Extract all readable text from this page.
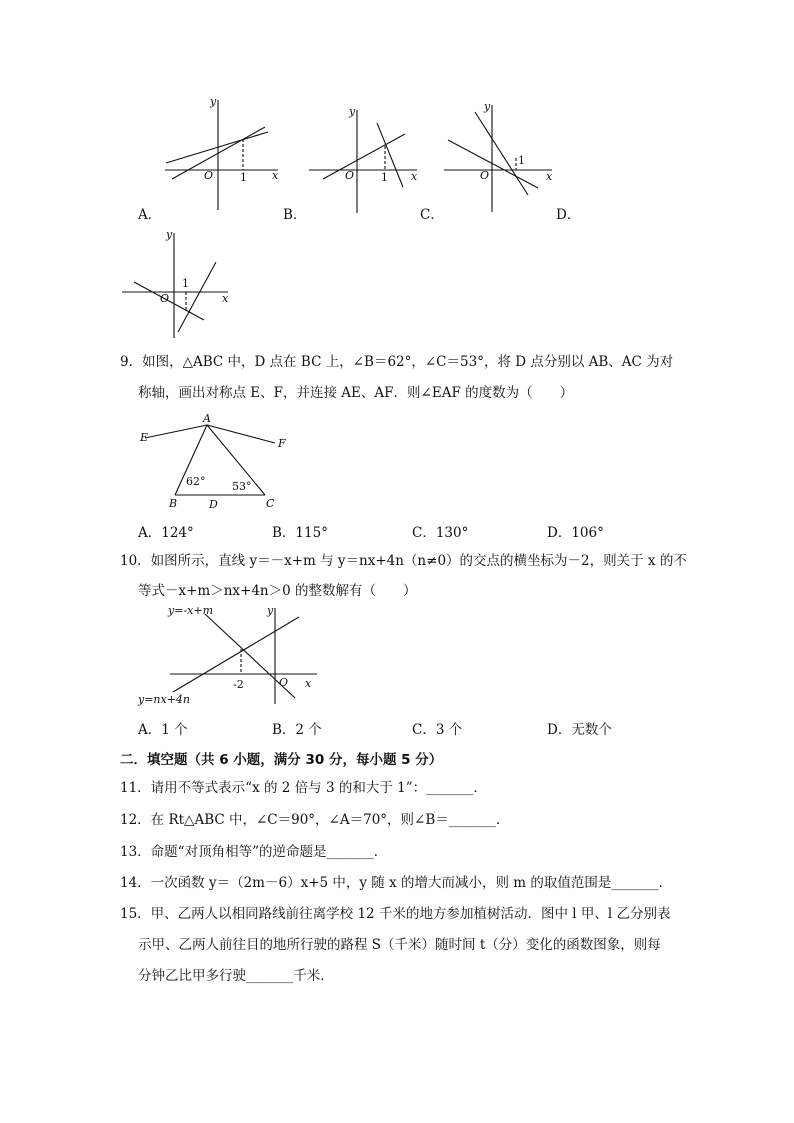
y
x
O 1
A．
y
x
O 1
B．
y
x
O
1
C．	D．
y
x
O
1
9．如图，△ABC 中，D 点在 BC 上，∠B＝62°，∠C＝53°，将 D 点分别以 AB、AC 为对
称轴，画出对称点 E、F，并连接 AE、AF．则∠EAF 的度数为（　　）
A
B	C
D
E	F
62° 53°
A．124°	B．115°	C．130°	D．106°
10．如图所示，直线 y＝－x+m 与 y＝nx+4n（n≠0）的交点的横坐标为－2，则关于 x 的不
等式－x+m＞nx+4n＞0 的整数解有（　　）
y
x
O
-2
y=-x+m
y=nx+4n
A．1 个	B．2 个	C．3 个	D．无数个
二．填空题（共 6 小题，满分 30 分，每小题 5 分）
11．请用不等式表示“x 的 2 倍与 3 的和大于 1”：_______．
12．在 Rt△ABC 中，∠C＝90°，∠A＝70°，则∠B＝_______．
13．命题“对顶角相等”的逆命题是_______．
14．一次函数 y＝（2m－6）x+5 中，y 随 x 的增大而减小，则 m 的取值范围是_______．
15．甲、乙两人以相同路线前往离学校 12 千米的地方参加植树活动．图中 l 甲、l 乙分别表
示甲、乙两人前往目的地所行驶的路程 S（千米）随时间 t（分）变化的函数图象，则每
分钟乙比甲多行驶_______千米．
